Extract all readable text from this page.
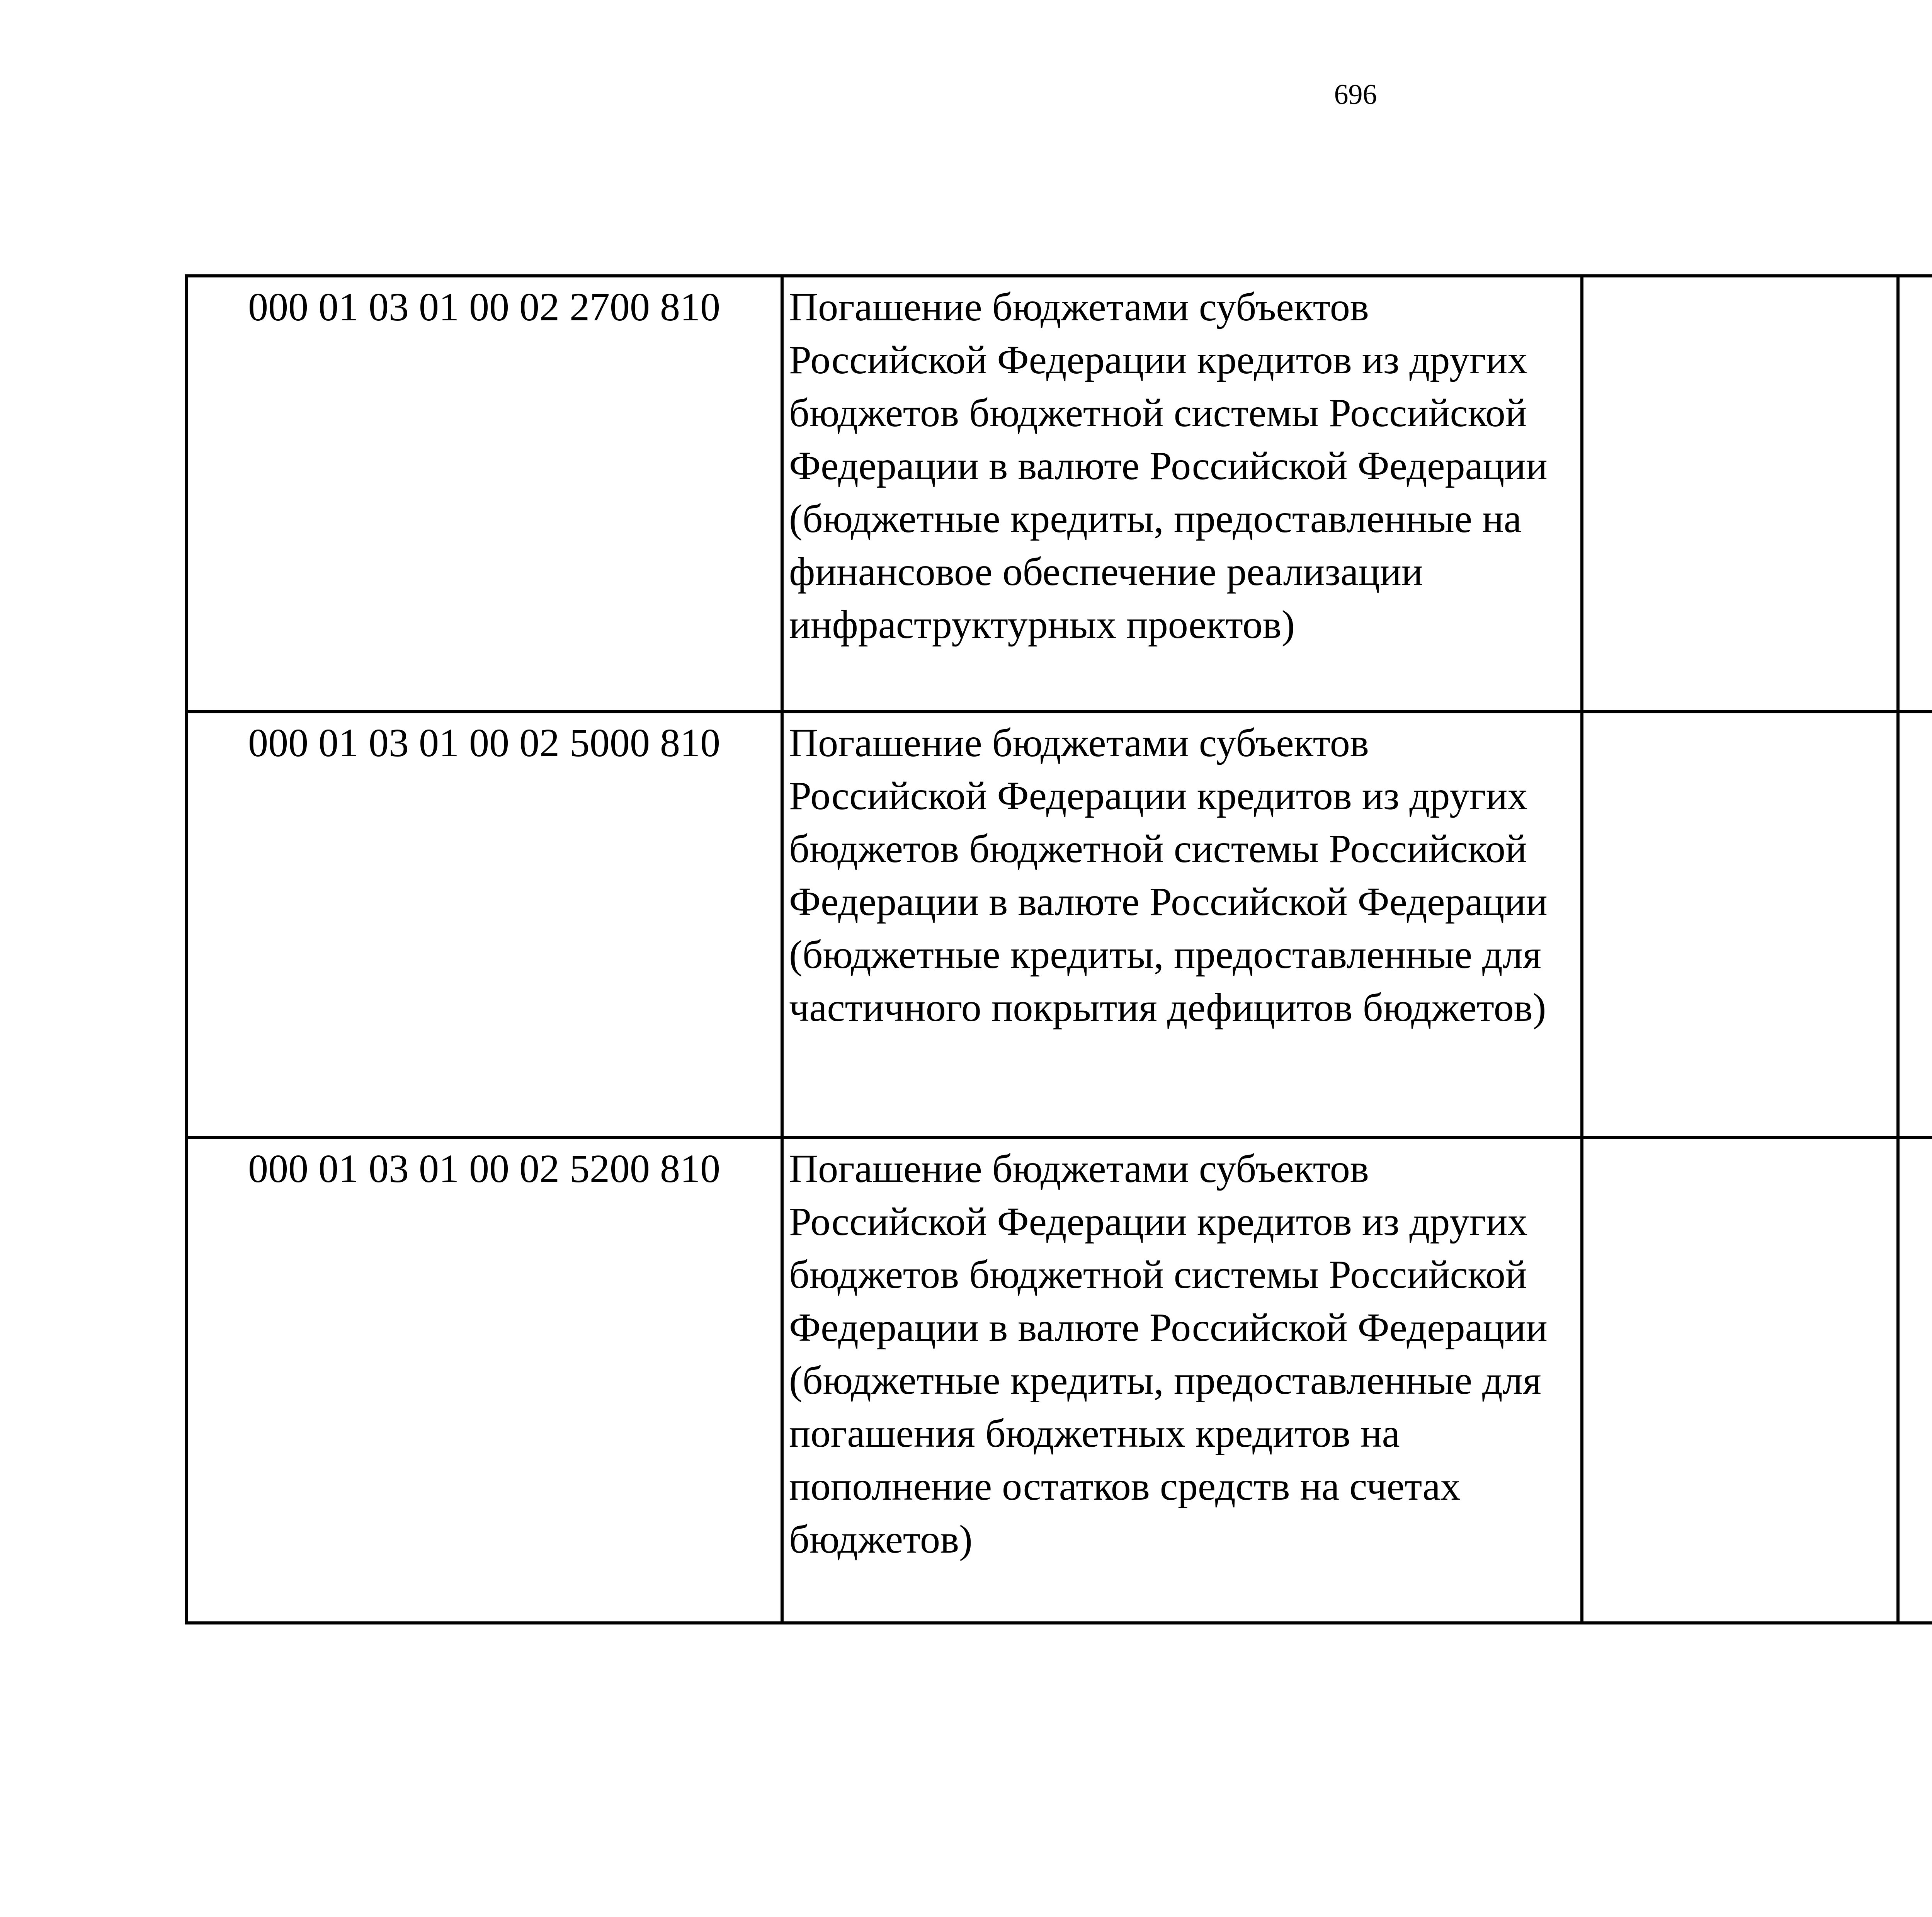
696
000 01 03 01 00 02 2700 810	Погашение бюджетами субъектов Российской Федерации кредитов из других бюджетов бюджетной системы Российской Федерации в валюте Российской Федерации (бюджетные кредиты, предоставленные на финансовое обеспечение реализации инфраструктурных проектов)			
000 01 03 01 00 02 5000 810	Погашение бюджетами субъектов Российской Федерации кредитов из других бюджетов бюджетной системы Российской Федерации в валюте Российской Федерации (бюджетные кредиты, предоставленные для частичного покрытия дефицитов бюджетов)			
000 01 03 01 00 02 5200 810	Погашение бюджетами субъектов Российской Федерации кредитов из других бюджетов бюджетной системы Российской Федерации в валюте Российской Федерации (бюджетные кредиты, предоставленные для погашения бюджетных кредитов на пополнение остатков средств на счетах бюджетов)			
